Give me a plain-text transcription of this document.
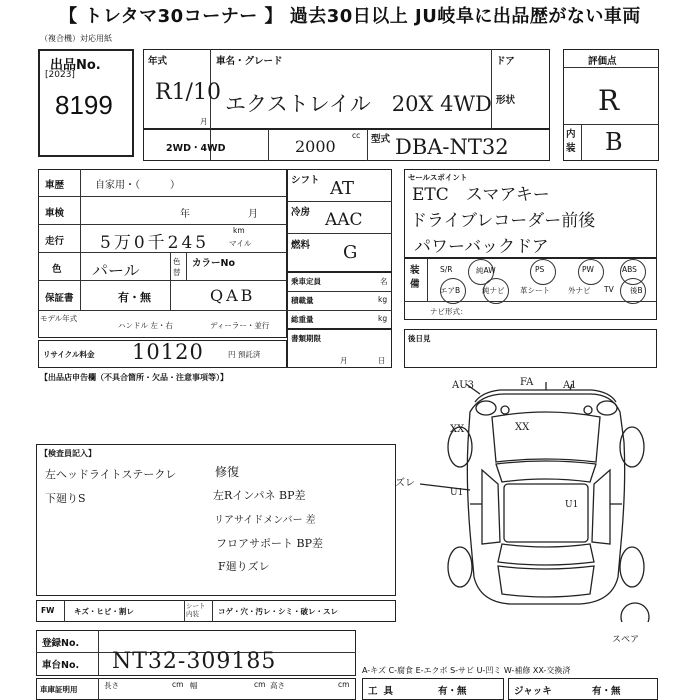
【 トレタマ30コーナー 】 過去30日以上 JU岐阜に出品歴がない車両
（複合機）対応用紙
出品No.
[2023]
8199
年式
R1/10
月
車名・グレード
エクストレイル　20X 4WD
ドア
形状
評価点
R
内装 B
2WD・4WD	2000
cc 型式 DBA-NT32
車歴	自家用・（　　　）
車検	年	月
走行 5万0千245
km
マイル
色 パール	色替
カラーNo
保証書	有・無	QAB
モデル年式
ハンドル 左・右	ディーラー・並行
シフト AT
冷房 AAC
燃料 G
乗車定員	名
積載量	kg
総重量	kg
書類期限
月	日
セールスポイント
ETC　スマアキー
ドライブレコーダー前後
パワーバックドア
装備
S/R	純AW	PS	PW	ABS
エアB	純ナビ 革シート 外ナビ TV 後B
ナビ形式：
後日見
リサイクル料金 10120	円 預託済
【出品店申告欄（不具合箇所・欠品・注意事項等）】
【検査員記入】
左ヘッドライトステークレ
下廻りS
修復
左Rインパネ BP差
リアサイドメンバー 差
フロアサポート BP差
F廻りズレ
AU3	FA	A1
XX	XX
ズレ
U1
U1
スペア
FW	キズ・ヒビ・割レ
シート内装	コゲ・穴・汚レ・シミ・破レ・スレ
登録No.
車台No. NT32-309185	A-キズ C-腐食 E-エクボ S-サビ U-凹ミ W-補修 XX-交換済
車庫証明用	長さ	cm 幅	cm 高さ	cm
工具	有・無	ジャッキ	有・無
